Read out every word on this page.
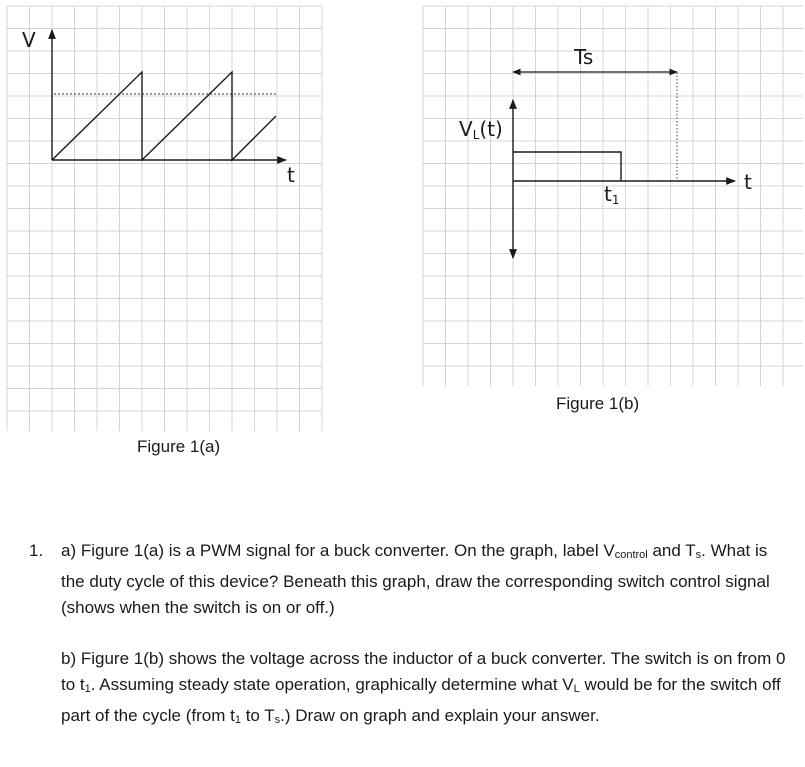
V
t
Ts
VL(t)
t
t1
Figure 1(a)
Figure 1(b)
1.	a) Figure 1(a) is a PWM signal for a buck converter. On the graph, label Vcontrol and Ts. What is the duty cycle of this device? Beneath this graph, draw the corresponding switch control signal (shows when the switch is on or off.)

b) Figure 1(b) shows the voltage across the inductor of a buck converter. The switch is on from 0 to t1. Assuming steady state operation, graphically determine what VL would be for the switch off part of the cycle (from t1 to Ts.) Draw on graph and explain your answer.
